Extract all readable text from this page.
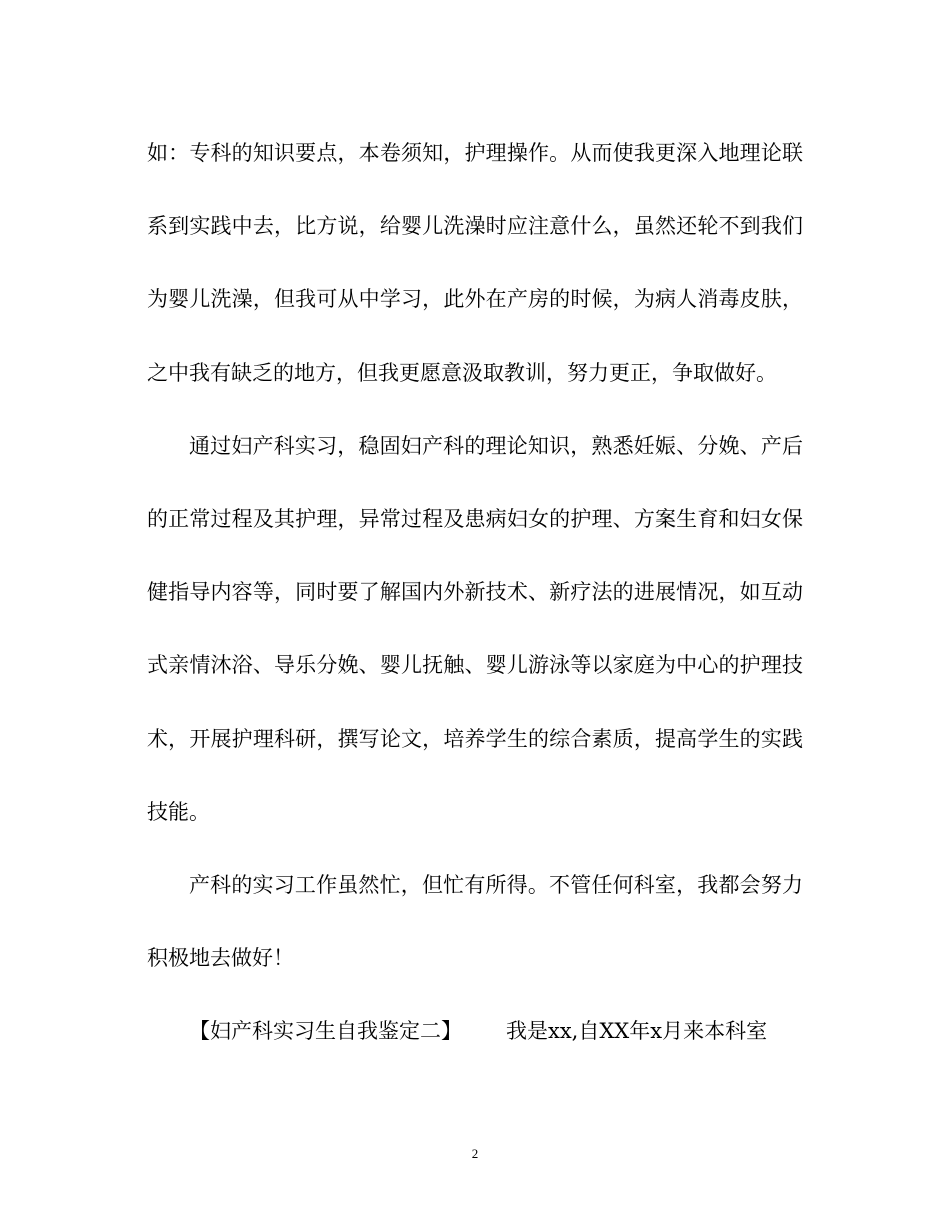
如：专科的知识要点，本卷须知，护理操作。从而使我更深入地理论联系到实践中去，比方说，给婴儿洗澡时应注意什么，虽然还轮不到我们为婴儿洗澡，但我可从中学习，此外在产房的时候，为病人消毒皮肤，之中我有缺乏的地方，但我更愿意汲取教训，努力更正，争取做好。

通过妇产科实习，稳固妇产科的理论知识，熟悉妊娠、分娩、产后的正常过程及其护理，异常过程及患病妇女的护理、方案生育和妇女保健指导内容等，同时要了解国内外新技术、新疗法的进展情况，如互动式亲情沐浴、导乐分娩、婴儿抚触、婴儿游泳等以家庭为中心的护理技术，开展护理科研，撰写论文，培养学生的综合素质，提高学生的实践技能。

产科的实习工作虽然忙，但忙有所得。不管任何科室，我都会努力积极地去做好！

【妇产科实习生自我鉴定二】 我是xx,自XX年x月来本科室

2
